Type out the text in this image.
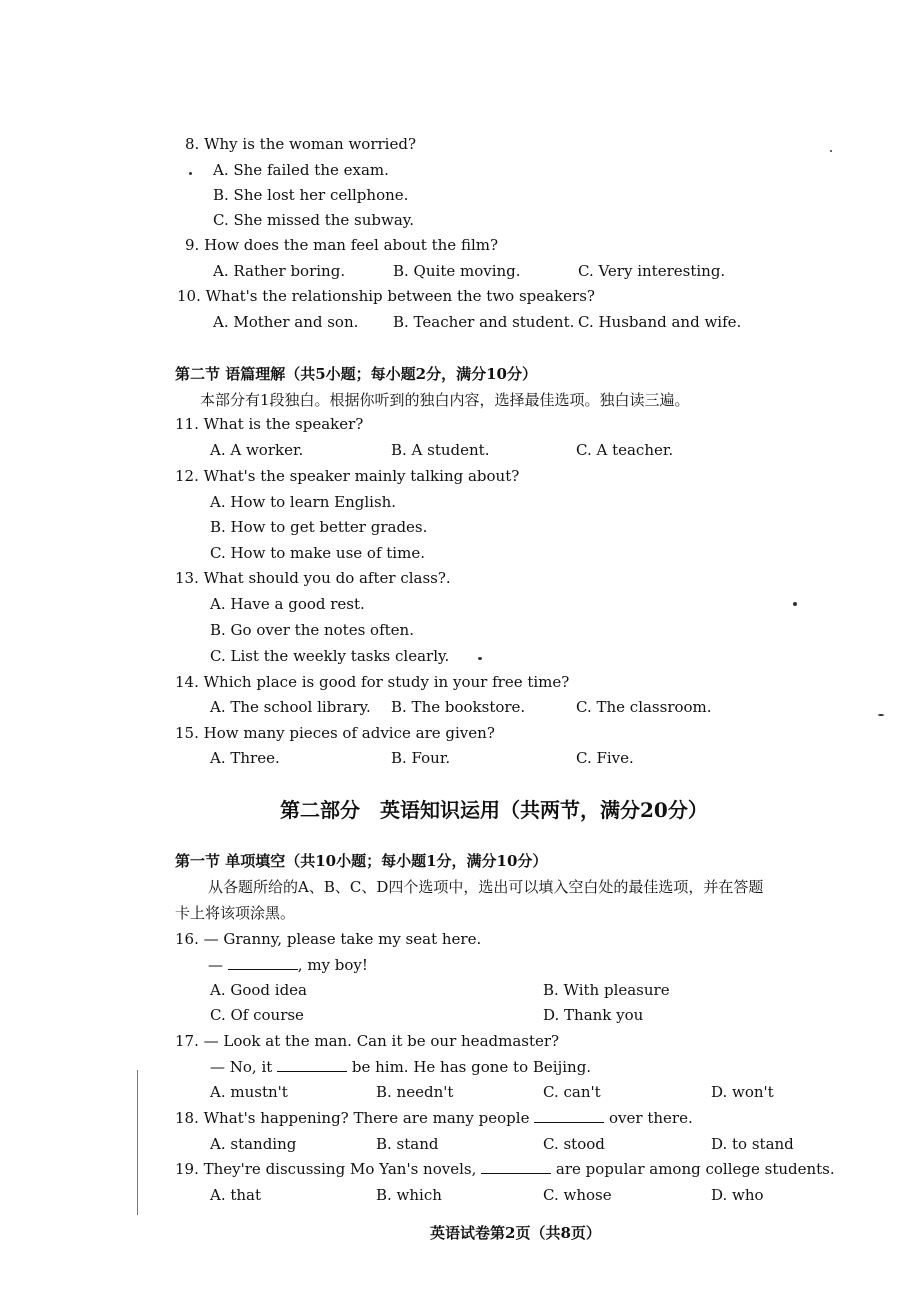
8. Why is the woman worried?
A. She failed the exam.
B. She lost her cellphone.
C. She missed the subway.
9. How does the man feel about the film?
A. Rather boring.	B. Quite moving.	C. Very interesting.
10. What's the relationship between the two speakers?
A. Mother and son. B. Teacher and student. C. Husband and wife.
第二节 语篇理解（共5小题；每小题2分，满分10分）
本部分有1段独白。根据你听到的独白内容，选择最佳选项。独白读三遍。
11. What is the speaker?
A. A worker.	B. A student.	C. A teacher.
12. What's the speaker mainly talking about?
A. How to learn English.
B. How to get better grades.
C. How to make use of time.
13. What should you do after class?.
A. Have a good rest.
B. Go over the notes often.
C. List the weekly tasks clearly.
14. Which place is good for study in your free time?
A. The school library. B. The bookstore.	C. The classroom.
15. How many pieces of advice are given?
A. Three.	B. Four.	C. Five.
第二部分　英语知识运用（共两节，满分20分）
第一节 单项填空（共10小题；每小题1分，满分10分）
从各题所给的A、B、C、D四个选项中，选出可以填入空白处的最佳选项，并在答题
卡上将该项涂黑。
16. — Granny, please take my seat here.
—	, my boy!
A. Good idea	B. With pleasure
C. Of course	D. Thank you
17. — Look at the man. Can it be our headmaster?
— No, it	be him. He has gone to Beijing.
A. mustn't	B. needn't	C. can't	D. won't
18. What's happening? There are many people	over there.
A. standing	B. stand	C. stood	D. to stand
19. They're discussing Mo Yan's novels,	are popular among college students.
A. that	B. which	C. whose	D. who
英语试卷第2页（共8页）
